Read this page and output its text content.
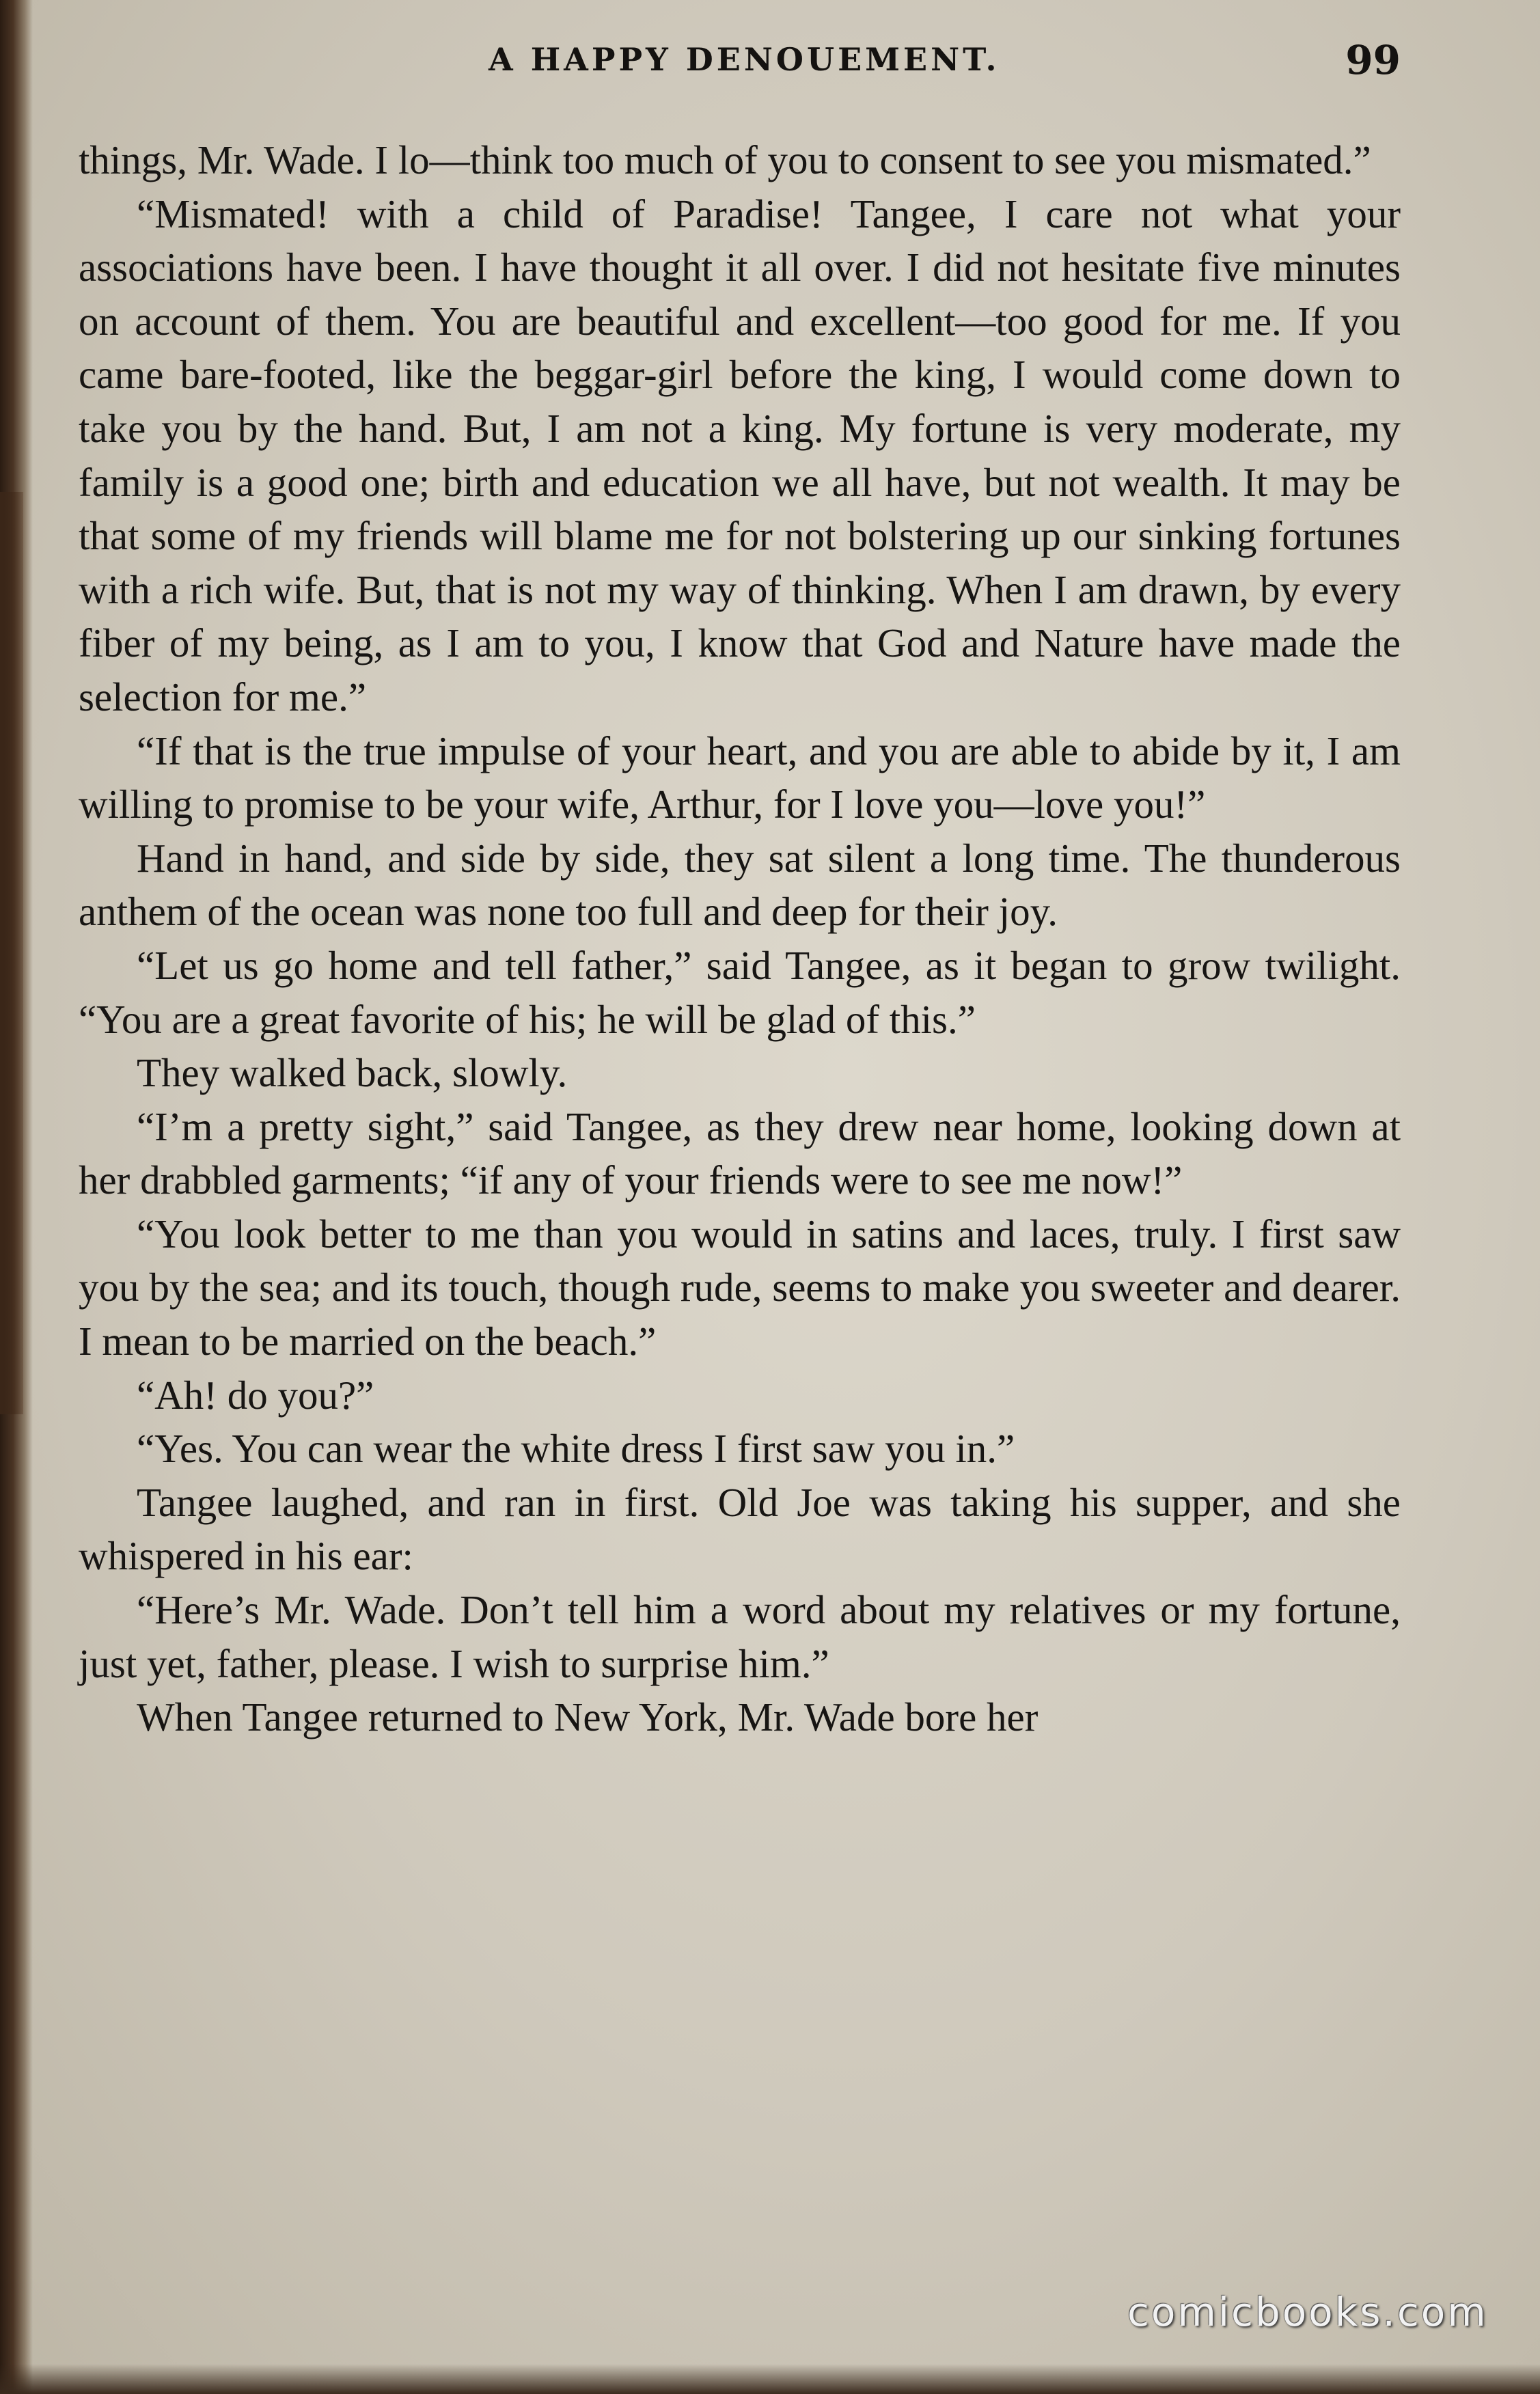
A HAPPY DENOUEMENT.	99

things, Mr. Wade. I lo—think too much of you to consent to see you mismated.”

“Mismated! with a child of Paradise! Tangee, I care not what your associations have been. I have thought it all over. I did not hesitate five minutes on account of them. You are beautiful and excellent—too good for me. If you came bare-footed, like the beggar-girl before the king, I would come down to take you by the hand. But, I am not a king. My fortune is very moderate, my family is a good one; birth and education we all have, but not wealth. It may be that some of my friends will blame me for not bolstering up our sinking fortunes with a rich wife. But, that is not my way of thinking. When I am drawn, by every fiber of my being, as I am to you, I know that God and Nature have made the selection for me.”

“If that is the true impulse of your heart, and you are able to abide by it, I am willing to promise to be your wife, Arthur, for I love you—love you!”

Hand in hand, and side by side, they sat silent a long time. The thunderous anthem of the ocean was none too full and deep for their joy.

“Let us go home and tell father,” said Tangee, as it began to grow twilight. “You are a great favorite of his; he will be glad of this.”

They walked back, slowly.

“I’m a pretty sight,” said Tangee, as they drew near home, looking down at her drabbled garments; “if any of your friends were to see me now!”

“You look better to me than you would in satins and laces, truly. I first saw you by the sea; and its touch, though rude, seems to make you sweeter and dearer. I mean to be married on the beach.”

“Ah! do you?”

“Yes. You can wear the white dress I first saw you in.”

Tangee laughed, and ran in first. Old Joe was taking his supper, and she whispered in his ear:

“Here’s Mr. Wade. Don’t tell him a word about my relatives or my fortune, just yet, father, please. I wish to surprise him.”

When Tangee returned to New York, Mr. Wade bore her

comicbooks.com
